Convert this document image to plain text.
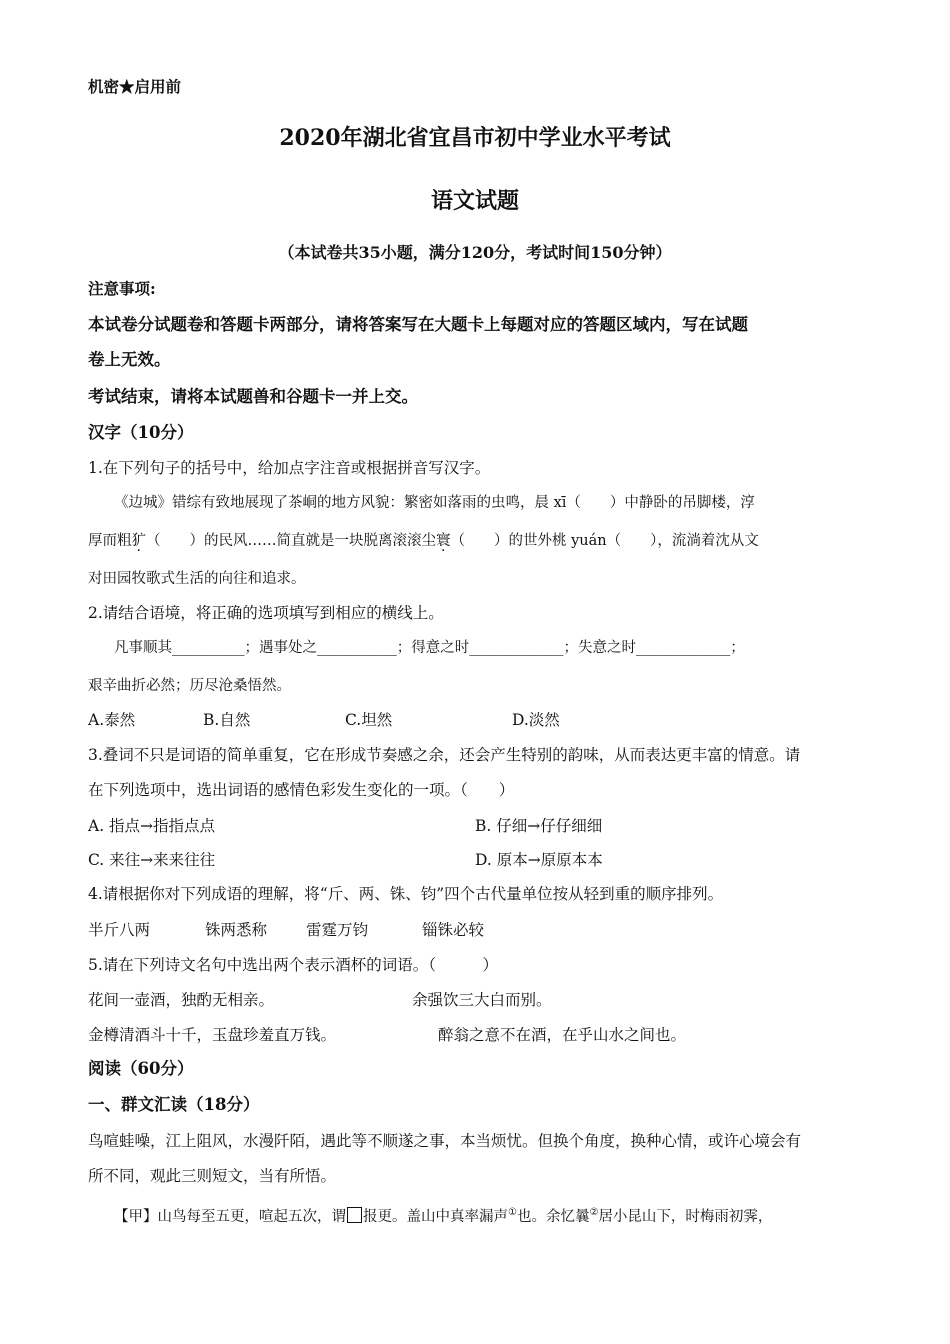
机密★启用前
2020年湖北省宜昌市初中学业水平考试
语文试题
（本试卷共35小题，满分120分，考试时间150分钟）
注意事项:
本试卷分试题卷和答题卡两部分，请将答案写在大题卡上每题对应的答题区域内，写在试题
卷上无效。
考试结束，请将本试题兽和谷题卡一并上交。
汉字（10分）
1.在下列句子的括号中，给加点字注音或根据拼音写汉字。
《边城》错综有致地展现了茶峒的地方风貌：繁密如落雨的虫鸣，晨 xī（　　）中静卧的吊脚楼，淳
厚而粗犷（　　）的民风……简直就是一块脱离滚滚尘寰（　　）的世外桃 yuán（　　），流淌着沈从文
对田园牧歌式生活的向往和追求。
2.请结合语境，将正确的选项填写到相应的横线上。
凡事顺其__________；遇事处之___________；得意之时_____________；失意之时_____________；
艰辛曲折必然；历尽沧桑悟然。
A.泰然	B.自然	C.坦然	D.淡然
3.叠词不只是词语的简单重复，它在形成节奏感之余，还会产生特别的韵味，从而表达更丰富的情意。请
在下列选项中，选出词语的感情色彩发生变化的一项。（　　）
A. 指点→指指点点	B. 仔细→仔仔细细
C. 来往→来来往往	D. 原本→原原本本
4.请根据你对下列成语的理解，将“斤、两、铢、钧”四个古代量单位按从轻到重的顺序排列。
半斤八两	铢两悉称	雷霆万钧	锱铢必较
5.请在下列诗文名句中选出两个表示酒杯的词语。（　　　）
花间一壶酒，独酌无相亲。	余强饮三大白而别。
金樽清酒斗十千，玉盘珍羞直万钱。	醉翁之意不在酒，在乎山水之间也。
阅读（60分）
一、群文汇读（18分）
鸟喧蛙噪，江上阻风，水漫阡陌，遇此等不顺遂之事，本当烦忧。但换个角度，换种心情，或许心境会有
所不同，观此三则短文，当有所悟。
【甲】山鸟每至五更，喧起五次，谓 报更。盖山中真率漏声①也。余忆曩②居小昆山下，时梅雨初霁，
